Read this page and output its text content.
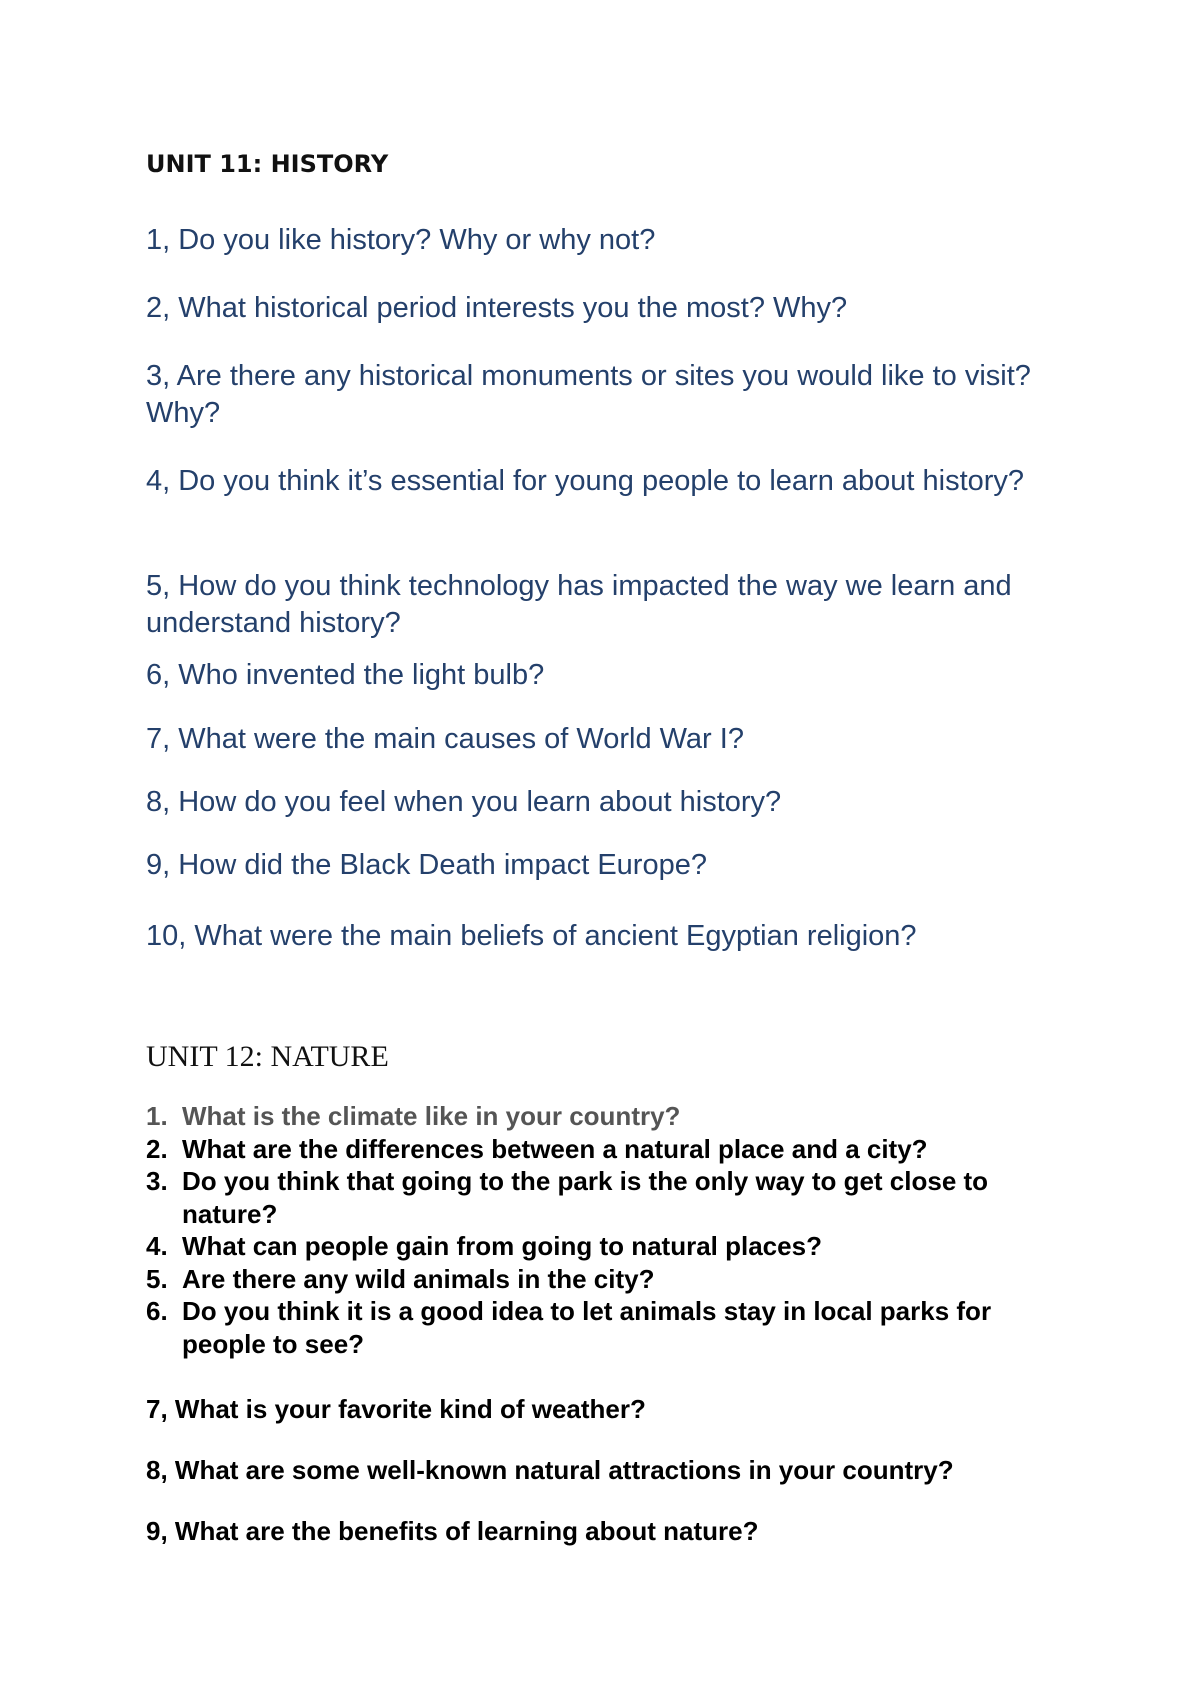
UNIT 11: HISTORY
1, Do you like history? Why or why not?
2, What historical period interests you the most? Why?
3, Are there any historical monuments or sites you would like to visit? Why?
4, Do you think it’s essential for young people to learn about history?
5, How do you think technology has impacted the way we learn and understand history?
6, Who invented the light bulb?
7, What were the main causes of World War I?
8, How do you feel when you learn about history?
9, How did the Black Death impact Europe?
10, What were the main beliefs of ancient Egyptian religion?
UNIT 12: NATURE
1. What is the climate like in your country?
2. What are the differences between a natural place and a city?
3. Do you think that going to the park is the only way to get close to nature?
4. What can people gain from going to natural places?
5. Are there any wild animals in the city?
6. Do you think it is a good idea to let animals stay in local parks for people to see?
7, What is your favorite kind of weather?
8, What are some well-known natural attractions in your country?
9, What are the benefits of learning about nature?
